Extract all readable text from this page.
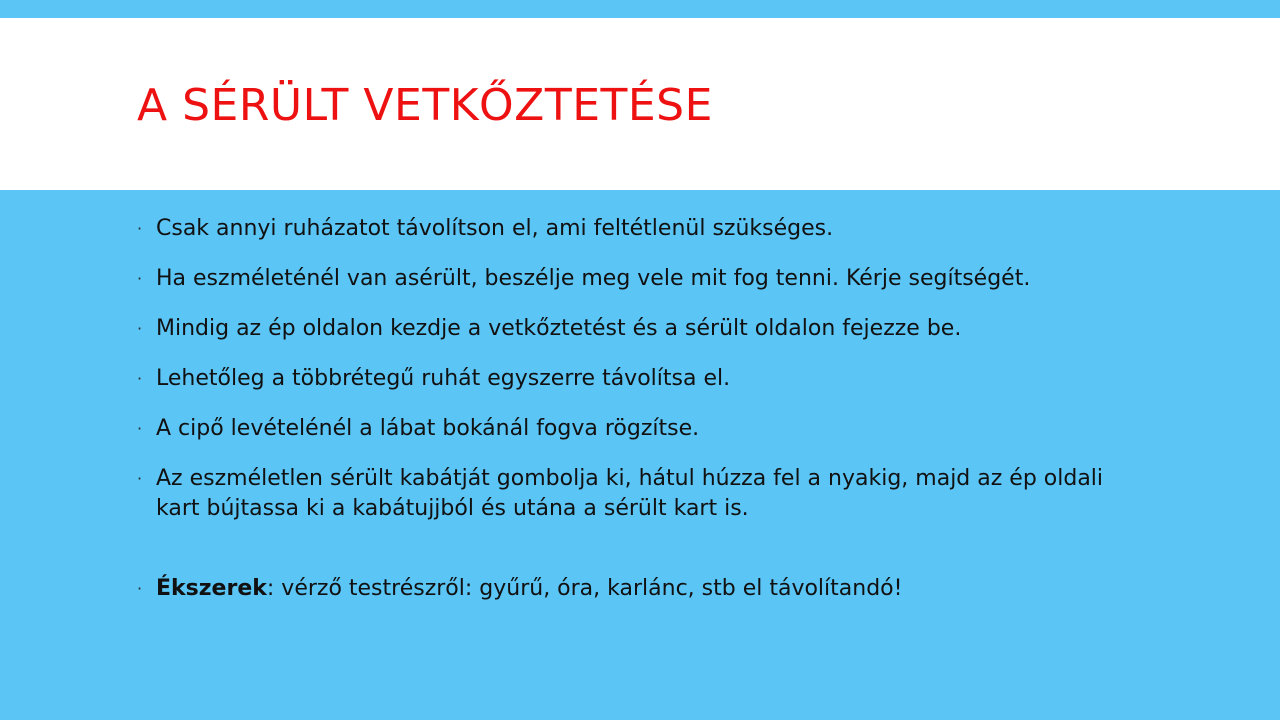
A SÉRÜLT VETKŐZTETÉSE
· Csak annyi ruházatot távolítson el, ami feltétlenül szükséges.
· Ha eszméleténél van asérült, beszélje meg vele mit fog tenni. Kérje segítségét.
· Mindig az ép oldalon kezdje a vetkőztetést és a sérült oldalon fejezze be.
· Lehetőleg a többrétegű ruhát egyszerre távolítsa el.
· A cipő levételénél a lábat bokánál fogva rögzítse.
· Az eszméletlen sérült kabátját gombolja ki, hátul húzza fel a nyakig, majd az ép oldali kart bújtassa ki a kabátujjból és utána a sérült kart is.
· Ékszerek: vérző testrészről: gyűrű, óra, karlánc, stb el távolítandó!
